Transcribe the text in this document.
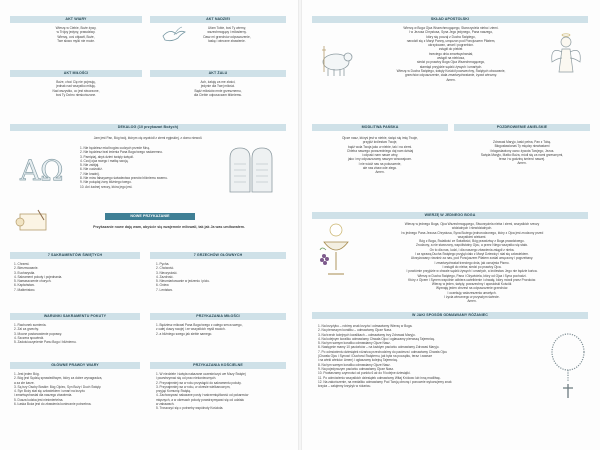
AKT WIARY
Wierzę w Ciebie, Boże żywy,
w Trójcy jedyny, prawdziwy.
Wierzę, coś objawił, Boże,
Twe słowo mylić nie może.
AKT NADZIEI
Ufam Tobie, boś Ty wierny,
wszechmogący i miłosierny.
Dasz mi grzechów odpuszczenie,
łaskę i wieczne zbawienie.
AKT MIŁOŚCI
Boże, choć Cię nie pojmuję,
jednak nad wszystko miłuję.
Nad wszystko, co jest stworzone,
boś Ty Dobro nieskończone.
AKT ŻALU
Ach, żałuję za me złości,
jedynie dla Twej miłości.
Bądź miłościw mnie grzesznemu,
dla Ciebie odpuszczam bliźniemu.
DEKALOG (10 przykazań Bożych)
Jam jest Pan, Bóg twój, którym cię wywiódł z ziemi egipskiej, z domu niewoli.
AΩ
1. Nie będziesz miał bogów cudzych przede Mną.
2. Nie będziesz brał imienia Pana Boga twego nadaremno.
3. Pamiętaj, abyś dzień święty święcił.
4. Czcij ojca swego i matkę swoją.
5. Nie zabijaj.
6. Nie cudzołóż.
7. Nie kradnij.
8. Nie mów fałszywego świadectwa przeciw bliźniemu swemu.
9. Nie pożądaj żony bliźniego twego.
10. Ani żadnej rzeczy, która jego jest.
NOWE PRZYKAZANIE
Przykazanie nowe daję wam, abyście się wzajemnie miłowali, tak jak Ja was umiłowałem.
7 SAKRAMENTÓW ŚWIĘTYCH
1. Chrzest.
2. Bierzmowanie.
3. Eucharystia.
4. Sakrament pokuty i pojednania.
5. Namaszczenie chorych.
6. Kapłaństwo.
7. Małżeństwo.
7 GRZECHÓW GŁÓWNYCH
1. Pycha.
2. Chciwość.
3. Nieczystość.
4. Zazdrość.
5. Nieumiarkowanie w jedzeniu i piciu.
6. Gniew.
7. Lenistwo.
WARUNKI SAKRAMENTU POKUTY
1. Rachunek sumienia.
2. Żal za grzechy.
3. Mocne postanowienie poprawy.
4. Szczera spowiedź.
5. Zadośćuczynienie Panu Bogu i bliźniemu.
PRZYKAZANIA MIŁOŚCI
1. Będziesz miłował Pana Boga twego z całego serca swego,
z całej duszy swojej i ze wszystkich myśli swoich.
2. a bliźniego swego jak siebie samego.
GŁÓWNE PRAWDY WIARY
1. Jest jeden Bóg.
2. Bóg jest Sędzią sprawiedliwym, który za dobre wynagradza,
a za złe karze.
3. Są trzy Osoby Boskie: Bóg Ojciec, Syn Boży i Duch Święty.
4. Syn Boży stał się człowiekiem i umarł na krzyżu
i zmartwychwstał dla naszego zbawienia.
5. Dusza ludzka jest nieśmiertelna.
6. Łaska Boża jest do zbawienia koniecznie potrzebna.
PRZYKAZANIA KOŚCIELNE
1. W niedziele i święta nakazane uczestniczyć we Mszy Świętej
i powstrzymać się od prac niekoniecznych.
2. Przynajmniej raz w roku przystąpić do sakramentu pokuty.
3. Przynajmniej raz w roku, w okresie wielkanocnym,
przyjąć Komunię Świętą.
4. Zachowywać nakazane posty i wstrzemięźliwość od pokarmów
mięsnych, a w okresach pokuty powstrzymywać się od udziału
w zabawach.
5. Troszczyć się o potrzeby wspólnoty Kościoła.
SKŁAD APOSTOLSKI
Wierzę w Boga Ojca Wszechmogącego, Stworzyciela nieba i ziemi.
I w Jezusa Chrystusa, Syna Jego jedynego, Pana naszego,
który się począł z Ducha Świętego,
narodził się z Maryi Panny, umęczon pod Poncjuszem Piłatem,
ukrzyżowan, umarł i pogrzebion.
zstąpił do piekieł.
trzeciego dnia zmartwychwstał,
wstąpił na niebiosa,
siedzi po prawicy Boga Ojca Wszechmogącego,
stamtąd przyjdzie sądzić żywych i umarłych.
Wierzę w Ducha Świętego, święty Kościół powszechny, Świętych obcowanie,
grzechów odpuszczenie, ciała zmartwychwstanie, żywot wieczny.
Amen.
MODLITWA PAŃSKA
Ojcze nasz, któryś jest w niebie, święć się imię Twoje,
przyjdź królestwo Twoje,
bądź wola Twoja jako w niebie, tak i na ziemi.
Chleba naszego powszedniego daj nam dzisiaj
i odpuść nam nasze winy,
jako i my odpuszczamy naszym winowajcom.
I nie wódź nas na pokuszenie,
ale nas zbaw ode złego.
Amen.
POZDROWIENIE ANIELSKIE
Zdrowaś Maryjo, łaski pełna, Pan z Tobą.
Błogosławionaś Ty między niewiastami
i błogosławiony owoc żywota Twojego, Jezus.
Święta Maryjo, Matko Boża, módl się za nami grzesznymi,
teraz i w godzinę śmierci naszej.
Amen.
WIERZĘ W JEDNEGO BOGA
Wierzę w jednego Boga, Ojca Wszechmogącego, Stworzyciela nieba i ziemi, wszystkich rzeczy
widzialnych i niewidzialnych.
I w jednego Pana Jezusa Chrystusa, Syna Bożego jednorodzonego, który z Ojca jest zrodzony przed
wszystkimi wiekami.
Bóg z Boga, Światłość ze Światłości, Bóg prawdziwy z Boga prawdziwego.
Zrodzony, a nie stworzony, współistotny Ojcu, a przez Niego wszystko się stało.
On to dla nas, ludzi, i dla naszego zbawienia zstąpił z nieba.
I za sprawą Ducha Świętego przyjął ciało z Maryi Dziewicy i stał się człowiekiem.
Ukrzyżowany również za nas, pod Poncjuszem Piłatem został umęczony i pogrzebany.
I zmartwychwstał trzeciego dnia, jak oznajmia Pismo.
I wstąpił do nieba; siedzi po prawicy Ojca.
I powtórnie przyjdzie w chwale sądzić żywych i umarłych, a królestwu Jego nie będzie końca.
Wierzę w Ducha Świętego, Pana i Ożywiciela, który od Ojca i Syna pochodzi.
Który z Ojcem i Synem wspólnie odbiera uwielbienie i chwałę, który mówił przez Proroków.
Wierzę w jeden, święty, powszechny i apostolski Kościół.
Wyznaję jeden chrzest na odpuszczenie grzechów.
I oczekuję wskrzeszenia umarłych.
I życia wiecznego w przyszłym świecie.
Amen.
W JAKI SPOSÓB ODMAWIAMY RÓŻANIEC
1. Na krzyżyku – robimy znak krzyża i odmawiamy Wierzę w Boga.
2. Na pierwszym koraliku – odmawiamy Ojcze Nasz.
3. Na trzech kolejnych koralikach – odmawiamy trzy Zdrowaś Maryjo.
4. Na kolejnym koraliku odmawiamy Chwała Ojcu i ogłaszamy pierwszą Tajemnicę.
5. Na tym samym koraliku odmawiamy Ojcze Nasz.
6. Następnie mamy 10 paciorków – na każdym paciorku odmawiamy Zdrowaś Maryjo.
7. Po odmówieniu dziesiątek różańca przechodzimy do pacierza i odmawiamy Chwała Ojcu
(Chwała Ojcu i Synowi i Duchowi Świętemu, jak była na początku, teraz i zawsze
i na wieki wieków. Amen) i ogłaszamy kolejną Tajemnicę.
8. Na tym samym koraliku odmawiamy Ojcze Nasz.
9. Na pojedynczym paciorku odmawiamy Ojcze Nasz.
10. Powtarzamy czynności od punktu 6 aż do 9 kolejne dziesiątki.
11. Po odmówieniu wszystkich dziesiątek odmawiamy Witaj Królowo lub inną modlitwę.
12. Na zakończenie, na medaliku odmawiamy Pod Twoją obronę i ponownie wykonujemy znak
krzyża – całujemy krzyżyk w różańcu.
